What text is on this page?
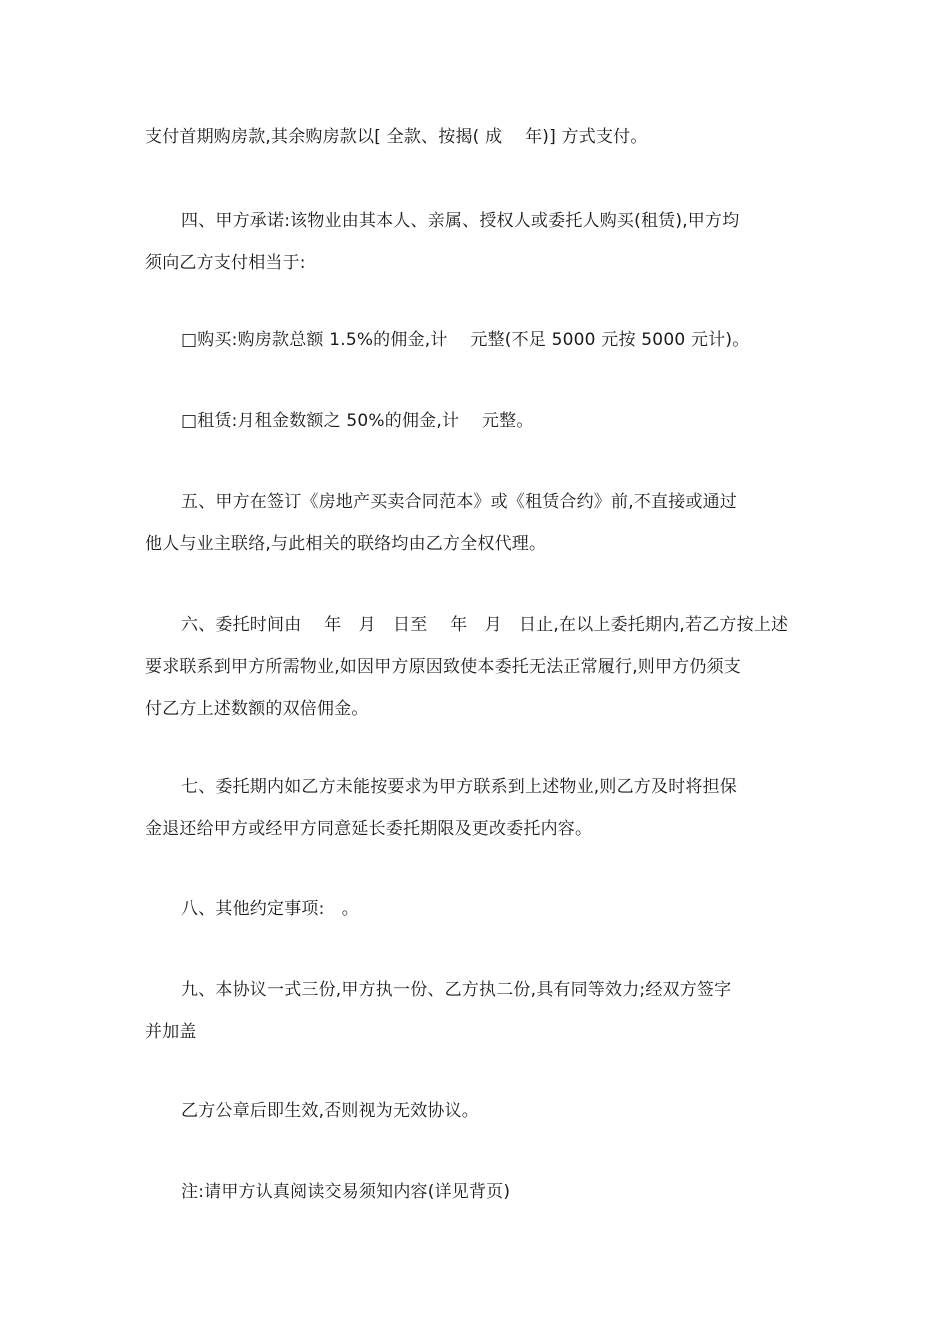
支付首期购房款,其余购房款以[ 全款、按揭( 成　 年)] 方式支付。

四、甲方承诺:该物业由其本人、亲属、授权人或委托人购买(租赁),甲方均
须向乙方支付相当于:

□购买:购房款总额 1.5%的佣金,计　 元整(不足 5000 元按 5000 元计)。

□租赁:月租金数额之 50%的佣金,计　 元整。

五、甲方在签订《房地产买卖合同范本》或《租赁合约》前,不直接或通过
他人与业主联络,与此相关的联络均由乙方全权代理。

六、委托时间由　 年　月　日至　 年　月　日止,在以上委托期内,若乙方按上述
要求联系到甲方所需物业,如因甲方原因致使本委托无法正常履行,则甲方仍须支
付乙方上述数额的双倍佣金。

七、委托期内如乙方未能按要求为甲方联系到上述物业,则乙方及时将担保
金退还给甲方或经甲方同意延长委托期限及更改委托内容。

八、其他约定事项:　。

九、本协议一式三份,甲方执一份、乙方执二份,具有同等效力;经双方签字
并加盖

乙方公章后即生效,否则视为无效协议。

注:请甲方认真阅读交易须知内容(详见背页)
